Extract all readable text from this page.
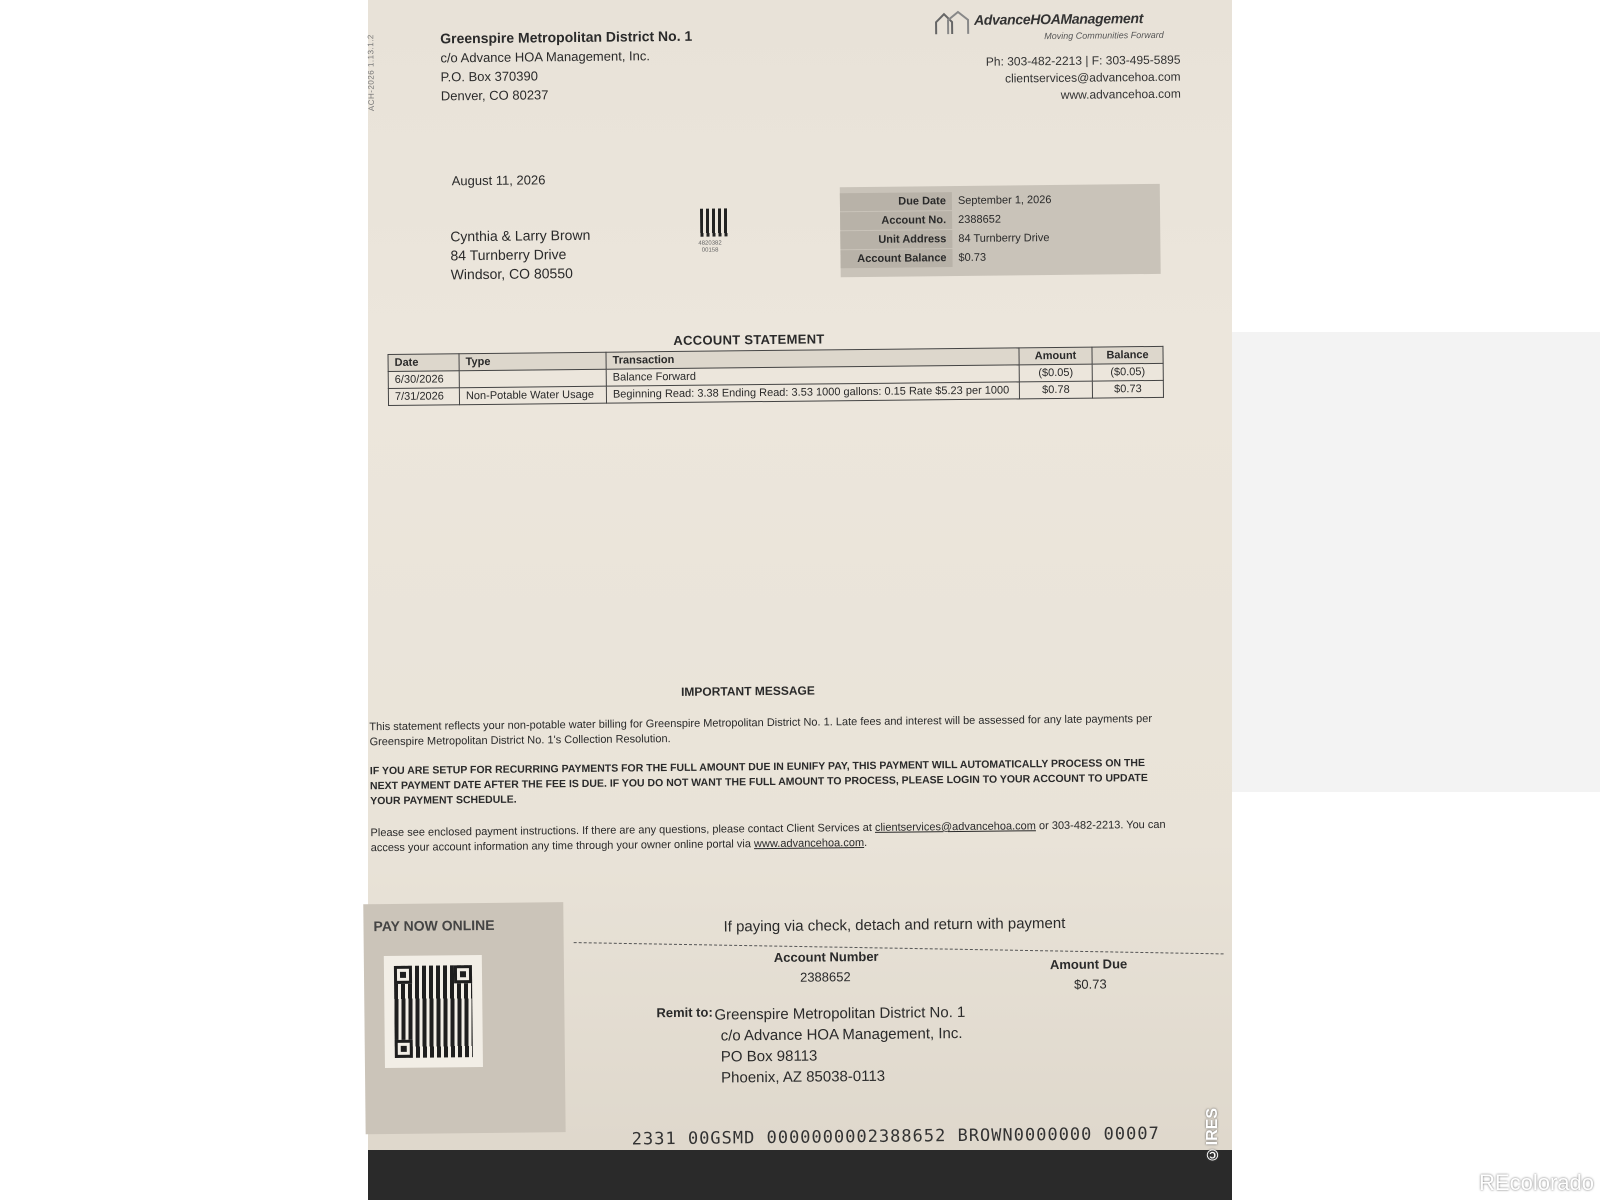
ACH-2026 1.13.1.2	Greenspire Metropolitan District No. 1
c/o Advance HOA Management, Inc.
P.O. Box 370390
Denver, CO 80237
AdvanceHOAManagement
Moving Communities Forward
Ph: 303-482-2213 | F: 303-495-5895
clientservices@advancehoa.com
www.advancehoa.com
August 11, 2026
Cynthia & Larry Brown
84 Turnberry Drive
Windsor, CO 80550
4820382
00158
Due Date	September 1, 2026
Account No.	2388652
Unit Address	84 Turnberry Drive
Account Balance	$0.73
ACCOUNT STATEMENT
Date	Type	Transaction	Amount	Balance
6/30/2026		Balance Forward	($0.05)	($0.05)
7/31/2026	Non-Potable Water Usage	Beginning Read: 3.38 Ending Read: 3.53 1000 gallons: 0.15 Rate $5.23 per 1000	$0.78	$0.73
IMPORTANT MESSAGE
This statement reflects your non-potable water billing for Greenspire Metropolitan District No. 1. Late fees and interest will be assessed for any late payments per Greenspire Metropolitan District No. 1's Collection Resolution.
IF YOU ARE SETUP FOR RECURRING PAYMENTS FOR THE FULL AMOUNT DUE IN EUNIFY PAY, THIS PAYMENT WILL AUTOMATICALLY PROCESS ON THE NEXT PAYMENT DATE AFTER THE FEE IS DUE. IF YOU DO NOT WANT THE FULL AMOUNT TO PROCESS, PLEASE LOGIN TO YOUR ACCOUNT TO UPDATE YOUR PAYMENT SCHEDULE.
Please see enclosed payment instructions. If there are any questions, please contact Client Services at clientservices@advancehoa.com or 303-482-2213. You can access your account information any time through your owner online portal via www.advancehoa.com.
PAY NOW ONLINE	If paying via check, detach and return with payment
Account Number
2388652
Amount Due
$0.73
Remit to: Greenspire Metropolitan District No. 1
c/o Advance HOA Management, Inc.
PO Box 98113
Phoenix, AZ 85038-0113
2331 00GSMD 0000000002388652 BROWN0000000 00007	©IRES
REcolorado
